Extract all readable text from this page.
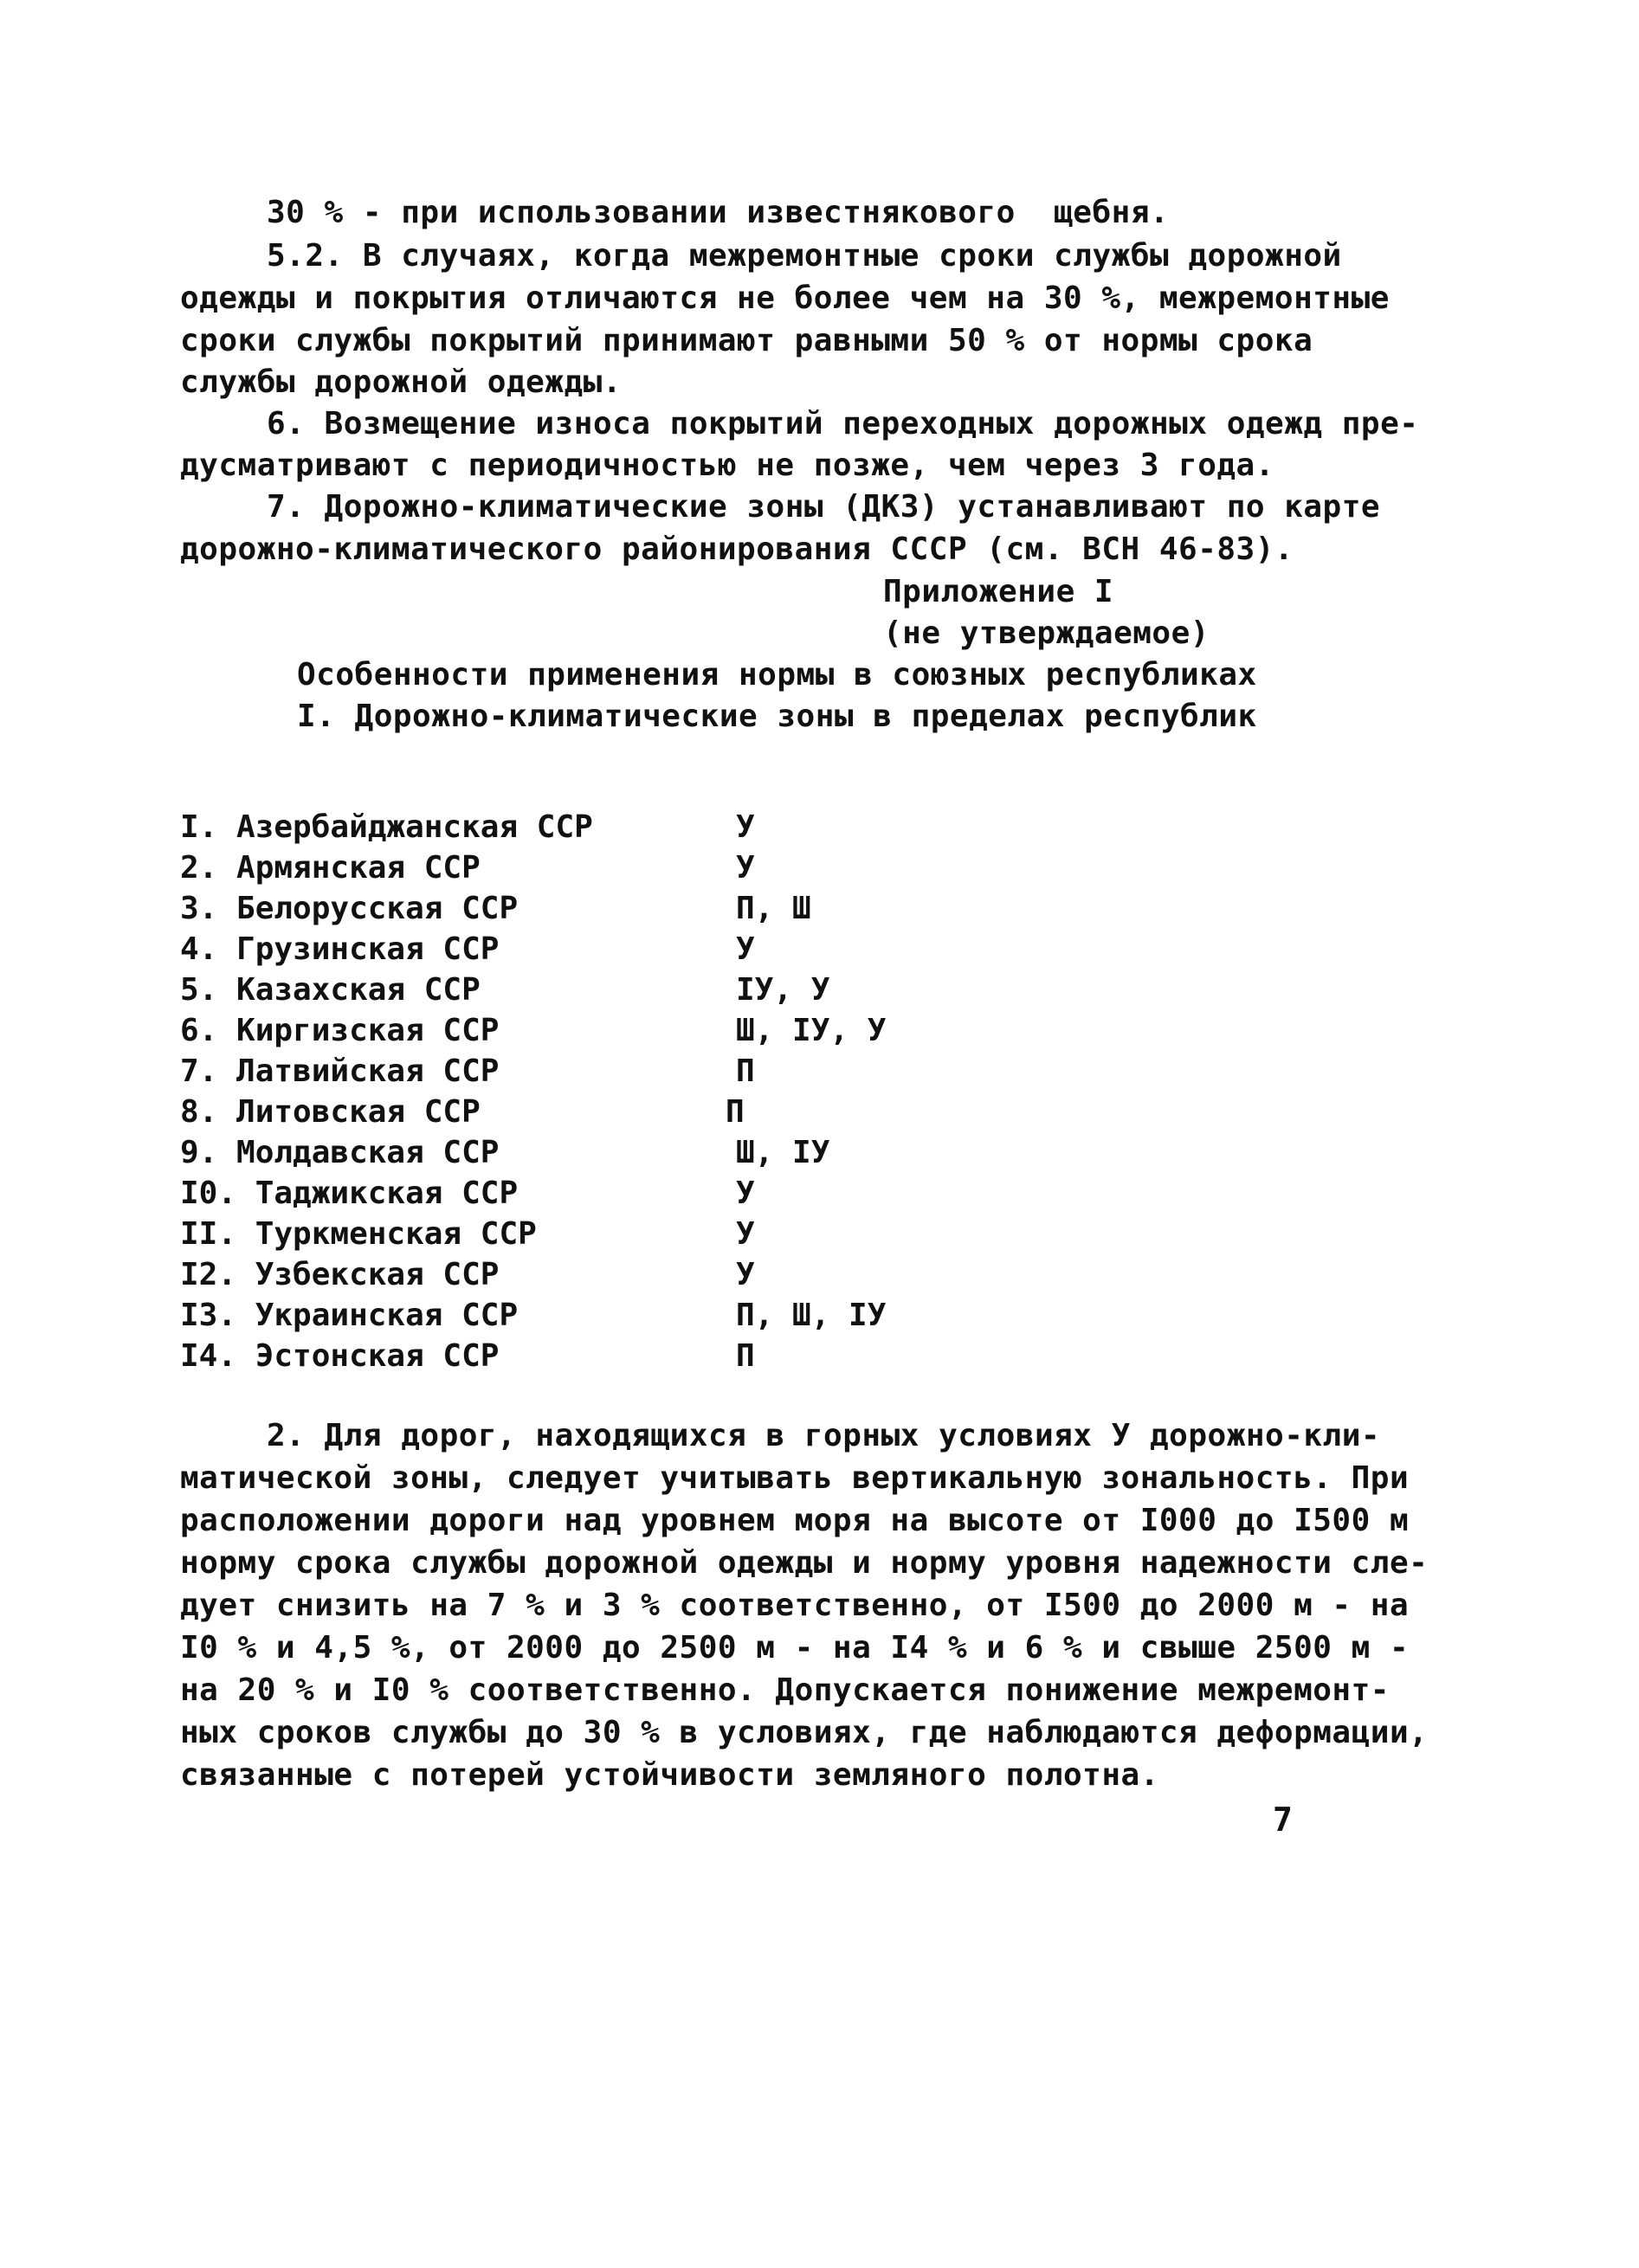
30 % - при использовании известнякового  щебня.
5.2. В случаях, когда межремонтные сроки службы дорожной
одежды и покрытия отличаются не более чем на 30 %, межремонтные
сроки службы покрытий принимают равными 50 % от нормы срока
службы дорожной одежды.
6. Возмещение износа покрытий переходных дорожных одежд пре-
дусматривают с периодичностью не позже, чем через 3 года.
7. Дорожно-климатические зоны (ДКЗ) устанавливают по карте
дорожно-климатического районирования СССР (см. ВСН 46-83).
Приложение I
(не утверждаемое)
Особенности применения нормы в союзных республиках
I. Дорожно-климатические зоны в пределах республик
I. Азербайджанская ССР	У
2. Армянская ССР	У
3. Белорусская ССР	П, Ш
4. Грузинская ССР	У
5. Казахская ССР	IУ, У
6. Киргизская ССР	Ш, IУ, У
7. Латвийская ССР	П
8. Литовская ССР	П
9. Молдавская ССР	Ш, IУ
I0. Таджикская ССР	У
II. Туркменская ССР	У
I2. Узбекская ССР	У
I3. Украинская ССР	П, Ш, IУ
I4. Эстонская ССР	П
2. Для дорог, находящихся в горных условиях У дорожно-кли-
матической зоны, следует учитывать вертикальную зональность. При
расположении дороги над уровнем моря на высоте от I000 до I500 м
норму срока службы дорожной одежды и норму уровня надежности сле-
дует снизить на 7 % и 3 % соответственно, от I500 до 2000 м - на
I0 % и 4,5 %, от 2000 до 2500 м - на I4 % и 6 % и свыше 2500 м -
на 20 % и I0 % соответственно. Допускается понижение межремонт-
ных сроков службы до 30 % в условиях, где наблюдаются деформации,
связанные с потерей устойчивости земляного полотна.
7
